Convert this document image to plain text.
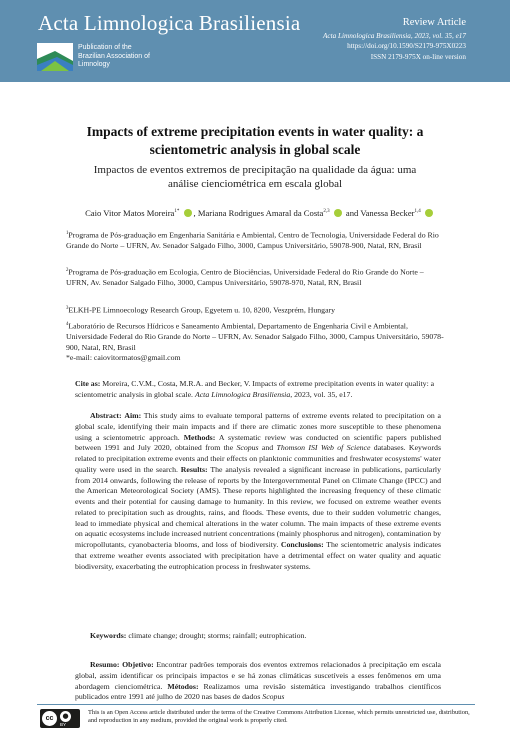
Acta Limnologica Brasiliensia
Publication of the
Brazilian Association of
Limnology
Review Article
Acta Limnologica Brasiliensia, 2023, vol. 35, e17
https://doi.org/10.1590/S2179-975X0223
ISSN 2179-975X on-line version
Impacts of extreme precipitation events in water quality: a scientometric analysis in global scale
Impactos de eventos extremos de precipitação na qualidade da água: uma análise cienciométrica em escala global
Caio Vitor Matos Moreira$^{1*}$ , Mariana Rodrigues Amaral da Costa$^{2,3}$  and Vanessa Becker$^{1,4}$
$^1$Programa de Pós-graduação em Engenharia Sanitária e Ambiental, Centro de Tecnologia, Universidade Federal do Rio Grande do Norte – UFRN, Av. Senador Salgado Filho, 3000, Campus Universitário, 59078-900, Natal, RN, Brasil
$^2$Programa de Pós-graduação em Ecologia, Centro de Biociências, Universidade Federal do Rio Grande do Norte – UFRN, Av. Senador Salgado Filho, 3000, Campus Universitário, 59078-970, Natal, RN, Brasil
$^3$ELKH-PE Limnoecology Research Group, Egyetem u. 10, 8200, Veszprém, Hungary
$^4$Laboratório de Recursos Hídricos e Saneamento Ambiental, Departamento de Engenharia Civil e Ambiental, Universidade Federal do Rio Grande do Norte – UFRN, Av. Senador Salgado Filho, 3000, Campus Universitário, 59078-900, Natal, RN, Brasil
*e-mail: caiovitormatos@gmail.com
Cite as: Moreira, C.V.M., Costa, M.R.A. and Becker, V. Impacts of extreme precipitation events in water quality: a scientometric analysis in global scale. Acta Limnologica Brasiliensia, 2023, vol. 35, e17.
Abstract: Aim: This study aims to evaluate temporal patterns of extreme events related to precipitation on a global scale, identifying their main impacts and if there are climatic zones more susceptible to these phenomena using a scientometric approach. Methods: A systematic review was conducted on scientific papers published between 1991 and July 2020, obtained from the Scopus and Thomson ISI Web of Science databases. Keywords related to precipitation extreme events and their effects on planktonic communities and freshwater ecosystems' water quality were used in the search. Results: The analysis revealed a significant increase in publications, particularly from 2014 onwards, following the release of reports by the Intergovernmental Panel on Climate Change (IPCC) and the American Meteorological Society (AMS). These reports highlighted the increasing frequency of these climatic events and their potential for causing damage to humanity. In this review, we focused on extreme weather events related to precipitation such as droughts, rains, and floods. These events, due to their sudden volumetric changes, lead to immediate physical and chemical alterations in the water column. The main impacts of these extreme events on aquatic ecosystems include increased nutrient concentrations (mainly phosphorus and nitrogen), contamination by micropollutants, cyanobacteria blooms, and loss of biodiversity. Conclusions: The scientometric analysis indicates that extreme weather events associated with precipitation have a detrimental effect on water quality and aquatic biodiversity, exacerbating the eutrophication process in freshwater systems.
Keywords: climate change; drought; storms; rainfall; eutrophication.
Resumo: Objetivo: Encontrar padrões temporais dos eventos extremos relacionados à precipitação em escala global, assim identificar os principais impactos e se há zonas climáticas suscetíveis a esses fenômenos em uma abordagem cienciométrica. Métodos: Realizamos uma revisão sistemática investigando trabalhos científicos publicados entre 1991 até julho de 2020 nas bases de dados Scopus
cc	●
BY
This is an Open Access article distributed under the terms of the Creative Commons Attribution License, which permits unrestricted use, distribution, and reproduction in any medium, provided the original work is properly cited.
